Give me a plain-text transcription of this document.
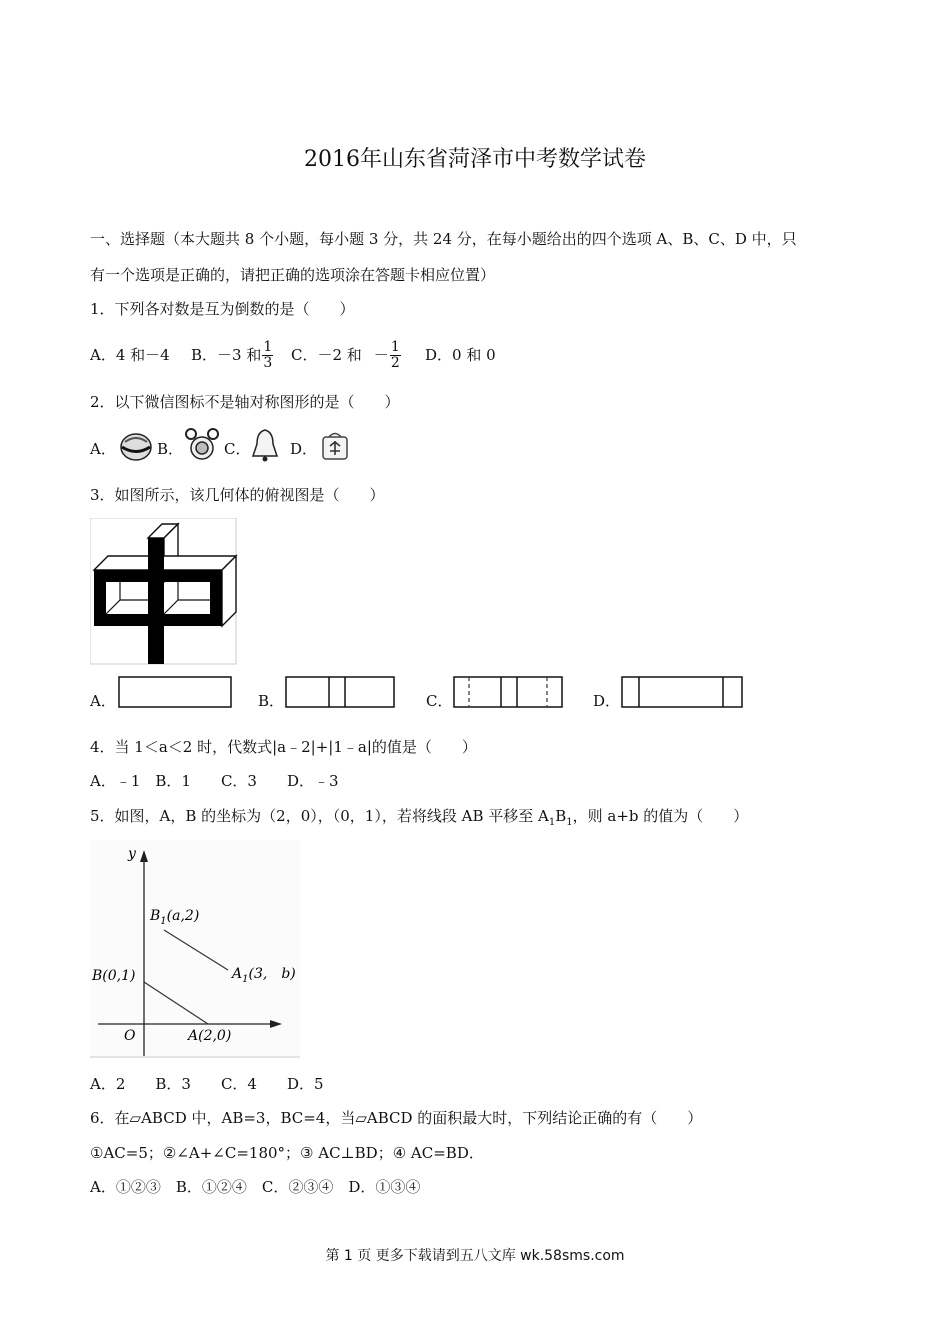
2016年山东省菏泽市中考数学试卷
一、选择题（本大题共 8 个小题，每小题 3 分，共 24 分，在每小题给出的四个选项 A、B、C、D 中，只
有一个选项是正确的，请把正确的选项涂在答题卡相应位置）
1．下列各对数是互为倒数的是（　　）
A．4 和－4 B．－3 和 $\frac{1}{3}$ C．－2 和 － $\frac{1}{2}$ D．0 和 0
2．以下微信图标不是轴对称图形的是（　　）
A．	B．	C．	D．
3．如图所示，该几何体的俯视图是（　　）
A．	B．	C．	D．
4．当 1＜a＜2 时，代数式|a﹣2|+|1﹣a|的值是（　　）
A．﹣1　B．1　　C．3　　D．﹣3
5．如图，A，B 的坐标为（2，0），（0，1），若将线段 AB 平移至 $A_1B_1$，则 a+b 的值为（　　）
y
O
B(0,1)
A(2,0)
$B_1(a,2)$
$A_1(3$,　b)
A．2　　B．3　　C．4　　D．5
6．在▱ABCD 中，AB=3，BC=4，当▱ABCD 的面积最大时，下列结论正确的有（　　）
①AC=5；②∠A+∠C=180°；③ AC⊥BD；④ AC=BD．
A．①②③　B．①②④　C．②③④　D．①③④
第 1 页 更多下载请到五八文库 wk.58sms.com
